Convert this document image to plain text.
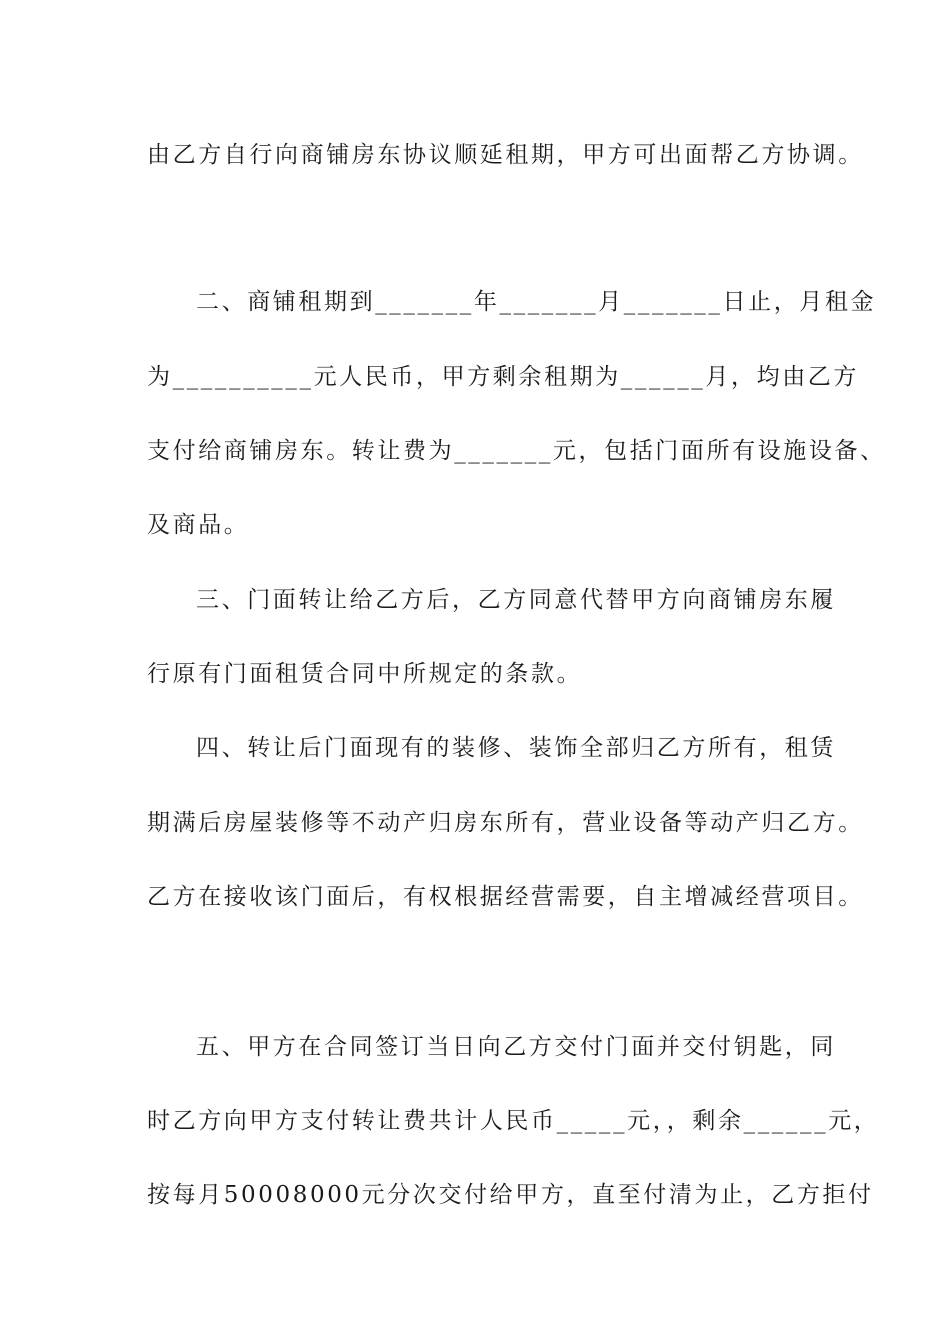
由乙方自行向商铺房东协议顺延租期，甲方可出面帮乙方协调。
二、商铺租期到_______年_______月_______日止，月租金
为__________元人民币，甲方剩余租期为______月，均由乙方
支付给商铺房东。转让费为_______元，包括门面所有设施设备、
及商品。
三、门面转让给乙方后，乙方同意代替甲方向商铺房东履
行原有门面租赁合同中所规定的条款。
四、转让后门面现有的装修、装饰全部归乙方所有，租赁
期满后房屋装修等不动产归房东所有，营业设备等动产归乙方。
乙方在接收该门面后，有权根据经营需要，自主增减经营项目。
五、甲方在合同签订当日向乙方交付门面并交付钥匙，同
时乙方向甲方支付转让费共计人民币_____元，，剩余______元，
按每月50008000元分次交付给甲方，直至付清为止，乙方拒付
